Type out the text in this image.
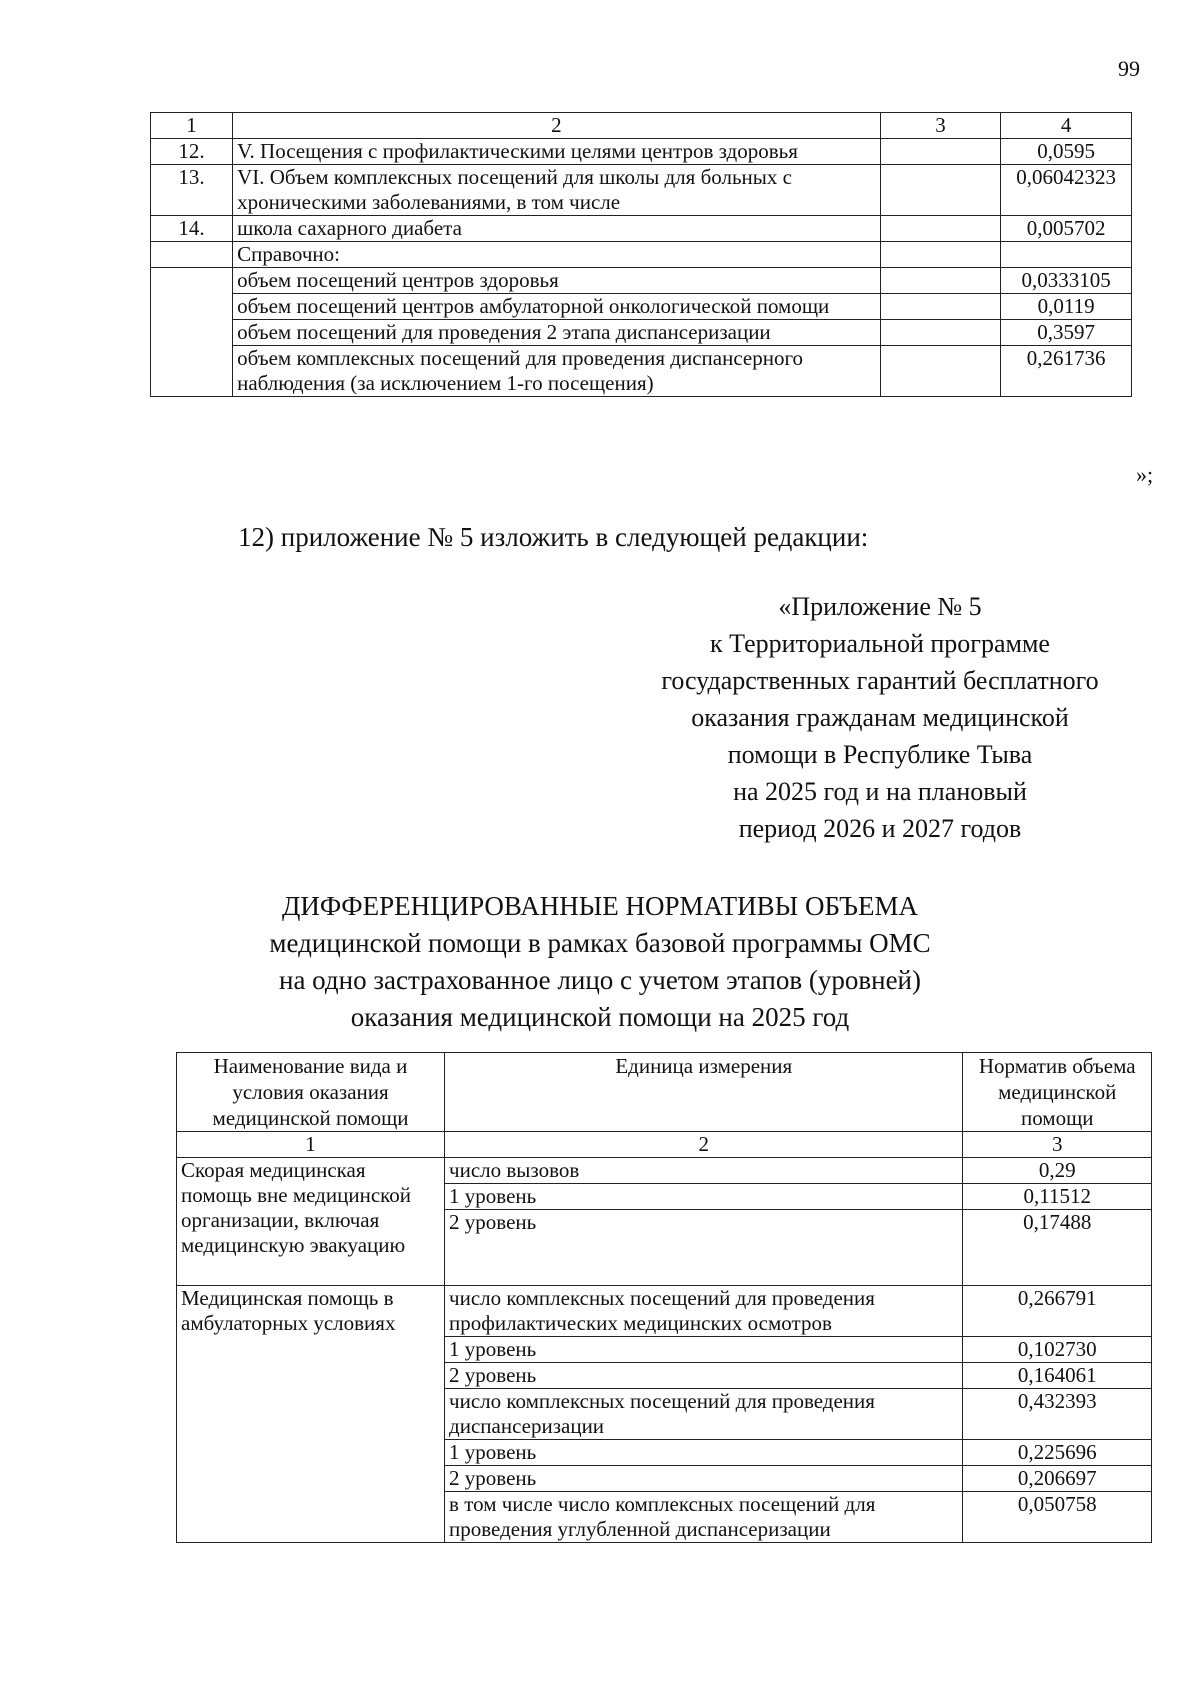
99
1	2	3	4
12.	V. Посещения с профилактическими целями центров здоровья		0,0595
13.	VI. Объем комплексных посещений для школы для больных с хроническими заболеваниями, в том числе		0,06042323
14.	школа сахарного диабета		0,005702
	Справочно:		
	объем посещений центров здоровья		0,0333105
	объем посещений центров амбулаторной онкологической помощи		0,0119
	объем посещений для проведения 2 этапа диспансеризации		0,3597
	объем комплексных посещений для проведения диспансерного наблюдения (за исключением 1-го посещения)		0,261736
»;
12) приложение № 5 изложить в следующей редакции:
«Приложение № 5
к Территориальной программе
государственных гарантий бесплатного
оказания гражданам медицинской
помощи в Республике Тыва
на 2025 год и на плановый
период 2026 и 2027 годов
ДИФФЕРЕНЦИРОВАННЫЕ НОРМАТИВЫ ОБЪЕМА
медицинской помощи в рамках базовой программы ОМС
на одно застрахованное лицо с учетом этапов (уровней)
оказания медицинской помощи на 2025 год
Наименование вида и условия оказания медицинской помощи	Единица измерения	Норматив объема медицинской помощи
1	2	3
Скорая медицинская помощь вне медицинской организации, включая медицинскую эвакуацию	число вызовов	0,29
	1 уровень	0,11512
	2 уровень	0,17488
Медицинская помощь в амбулаторных условиях	число комплексных посещений для проведения профилактических медицинских осмотров	0,266791
	1 уровень	0,102730
	2 уровень	0,164061
	число комплексных посещений для проведения диспансеризации	0,432393
	1 уровень	0,225696
	2 уровень	0,206697
	в том числе число комплексных посещений для проведения углубленной диспансеризации	0,050758
